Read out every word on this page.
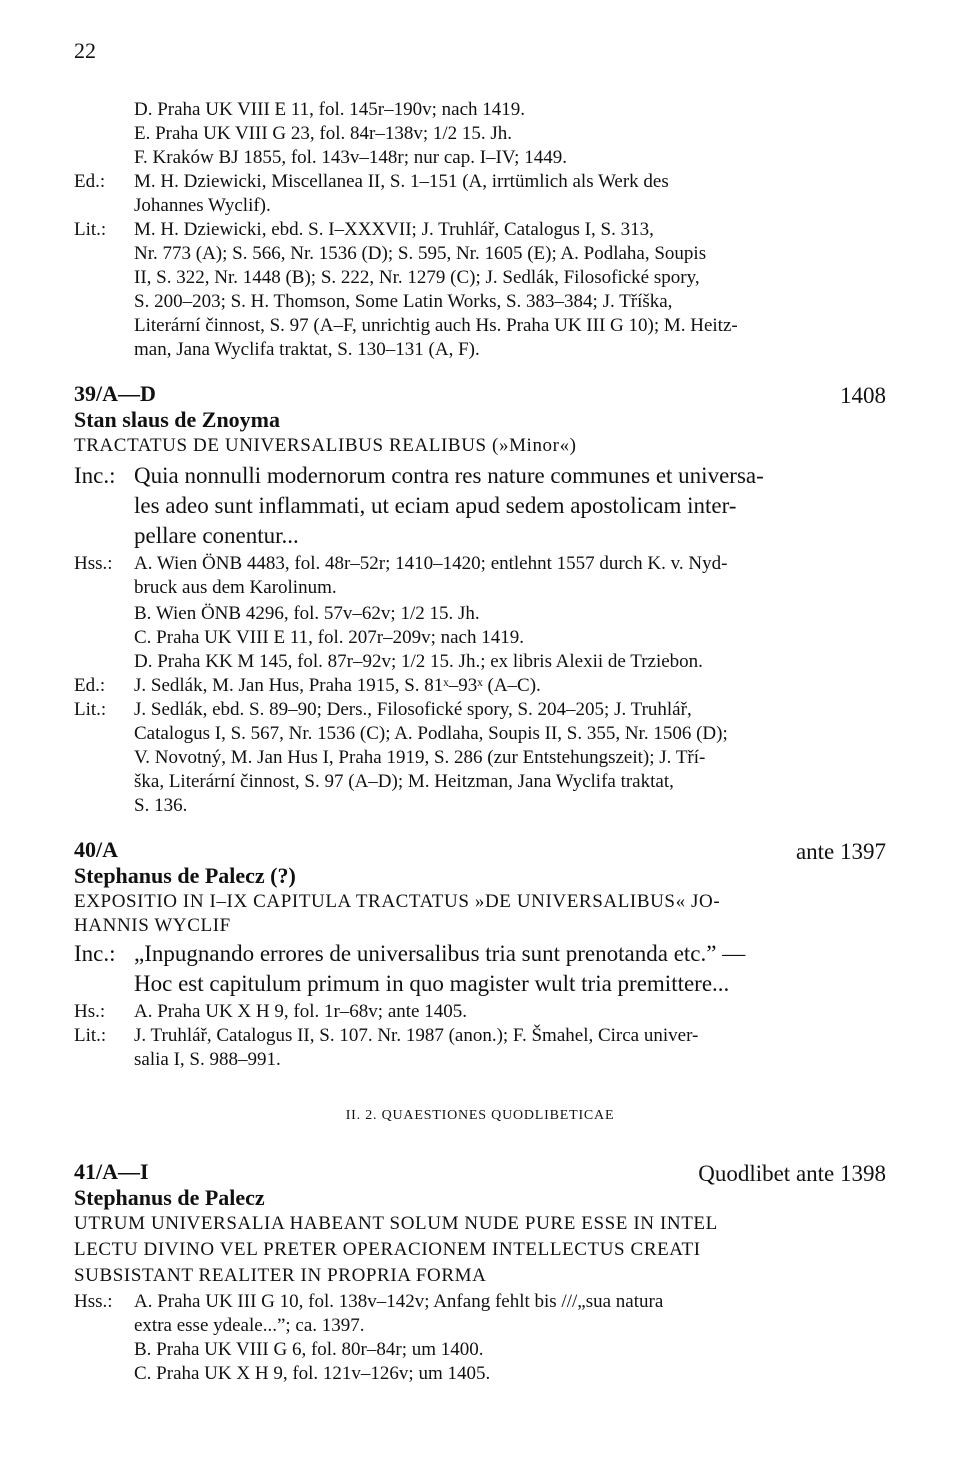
22
D. Praha UK VIII E 11, fol. 145r–190v; nach 1419.
E. Praha UK VIII G 23, fol. 84r–138v; 1/2 15. Jh.
F. Kraków BJ 1855, fol. 143v–148r; nur cap. I–IV; 1449.
Ed.: M. H. Dziewicki, Miscellanea II, S. 1–151 (A, irrtümlich als Werk des
Johannes Wyclif).
Lit.: M. H. Dziewicki, ebd. S. I–XXXVII; J. Truhlář, Catalogus I, S. 313,
Nr. 773 (A); S. 566, Nr. 1536 (D); S. 595, Nr. 1605 (E); A. Podlaha, Soupis
II, S. 322, Nr. 1448 (B); S. 222, Nr. 1279 (C); J. Sedlák, Filosofické spory,
S. 200–203; S. H. Thomson, Some Latin Works, S. 383–384; J. Tříška,
Literární činnost, S. 97 (A–F, unrichtig auch Hs. Praha UK III G 10); M. Heitz-
man, Jana Wyclifa traktat, S. 130–131 (A, F).
39/A—D	1408
Stan slaus de Znoyma
TRACTATUS DE UNIVERSALIBUS REALIBUS (»Minor«)
Inc.: Quia nonnulli modernorum contra res nature communes et universa-
les adeo sunt inflammati, ut eciam apud sedem apostolicam inter-
pellare conentur...
Hss.: A. Wien ÖNB 4483, fol. 48r–52r; 1410–1420; entlehnt 1557 durch K. v. Nyd-
bruck aus dem Karolinum.
B. Wien ÖNB 4296, fol. 57v–62v; 1/2 15. Jh.
C. Praha UK VIII E 11, fol. 207r–209v; nach 1419.
D. Praha KK M 145, fol. 87r–92v; 1/2 15. Jh.; ex libris Alexii de Trziebon.
Ed.: J. Sedlák, M. Jan Hus, Praha 1915, S. 81ˣ–93ˣ (A–C).
Lit.: J. Sedlák, ebd. S. 89–90; Ders., Filosofické spory, S. 204–205; J. Truhlář,
Catalogus I, S. 567, Nr. 1536 (C); A. Podlaha, Soupis II, S. 355, Nr. 1506 (D);
V. Novotný, M. Jan Hus I, Praha 1919, S. 286 (zur Entstehungszeit); J. Tří-
ška, Literární činnost, S. 97 (A–D); M. Heitzman, Jana Wyclifa traktat,
S. 136.
40/A	ante 1397
Stephanus de Palecz (?)
EXPOSITIO IN I–IX CAPITULA TRACTATUS »DE UNIVERSALIBUS« JO-
HANNIS WYCLIF
Inc.: „Inpugnando errores de universalibus tria sunt prenotanda etc.” —
Hoc est capitulum primum in quo magister wult tria premittere...
Hs.: A. Praha UK X H 9, fol. 1r–68v; ante 1405.
Lit.: J. Truhlář, Catalogus II, S. 107. Nr. 1987 (anon.); F. Šmahel, Circa univer-
salia I, S. 988–991.
II. 2. QUAESTIONES QUODLIBETICAE
41/A—I	Quodlibet ante 1398
Stephanus de Palecz
UTRUM UNIVERSALIA HABEANT SOLUM NUDE PURE ESSE IN INTEL
LECTU DIVINO VEL PRETER OPERACIONEM INTELLECTUS CREATI
SUBSISTANT REALITER IN PROPRIA FORMA
Hss.: A. Praha UK III G 10, fol. 138v–142v; Anfang fehlt bis ///„sua natura
extra esse ydeale...”; ca. 1397.
B. Praha UK VIII G 6, fol. 80r–84r; um 1400.
C. Praha UK X H 9, fol. 121v–126v; um 1405.
